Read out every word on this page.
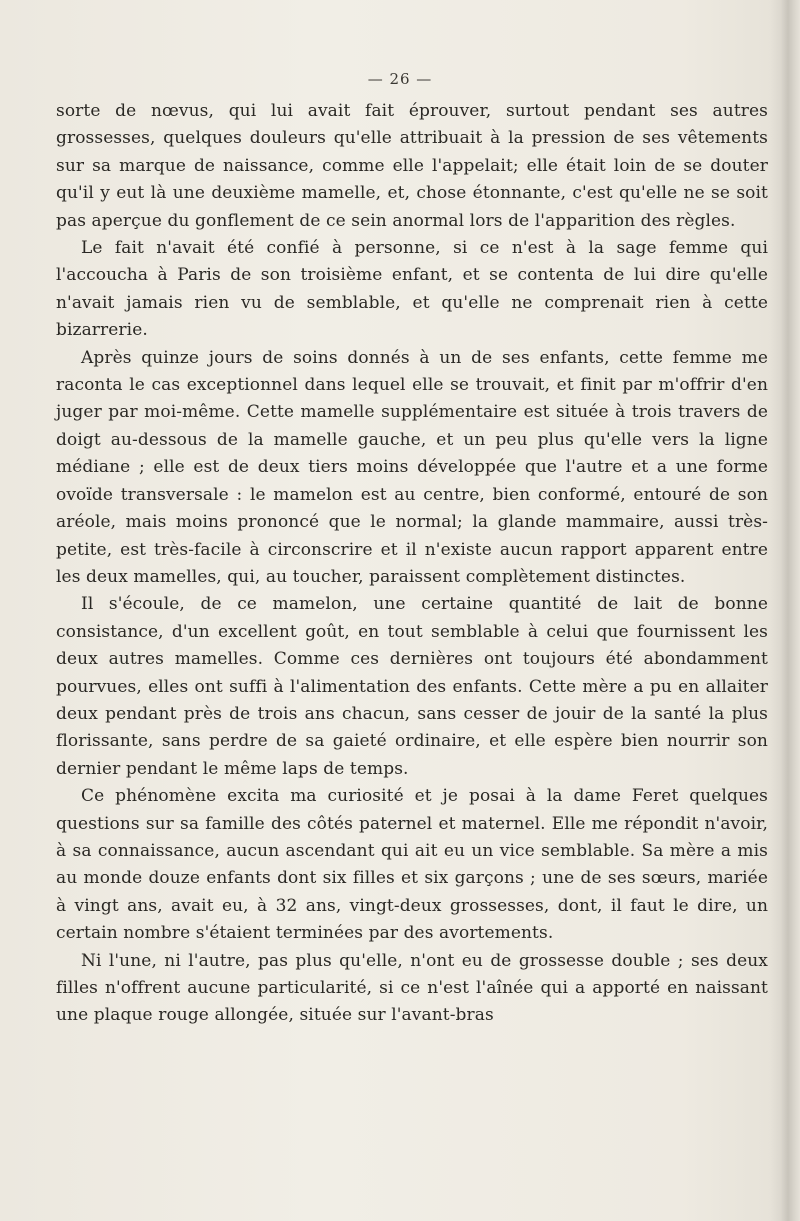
— 26 —

sorte de nœvus, qui lui avait fait éprouver, surtout pendant ses autres grossesses, quelques douleurs qu'elle attribuait à la pression de ses vêtements sur sa marque de naissance, comme elle l'appelait; elle était loin de se douter qu'il y eut là une deuxième mamelle, et, chose étonnante, c'est qu'elle ne se soit pas aperçue du gonflement de ce sein anormal lors de l'apparition des règles.

Le fait n'avait été confié à personne, si ce n'est à la sage femme qui l'accoucha à Paris de son troisième enfant, et se contenta de lui dire qu'elle n'avait jamais rien vu de semblable, et qu'elle ne comprenait rien à cette bizarrerie.

Après quinze jours de soins donnés à un de ses enfants, cette femme me raconta le cas exceptionnel dans lequel elle se trouvait, et finit par m'offrir d'en juger par moi-même. Cette mamelle supplémentaire est située à trois travers de doigt au-dessous de la mamelle gauche, et un peu plus qu'elle vers la ligne médiane ; elle est de deux tiers moins développée que l'autre et a une forme ovoïde transversale : le mamelon est au centre, bien conformé, entouré de son aréole, mais moins prononcé que le normal; la glande mammaire, aussi très-petite, est très-facile à circonscrire et il n'existe aucun rapport apparent entre les deux mamelles, qui, au toucher, paraissent complètement distinctes.

Il s'écoule, de ce mamelon, une certaine quantité de lait de bonne consistance, d'un excellent goût, en tout semblable à celui que fournissent les deux autres mamelles. Comme ces dernières ont toujours été abondamment pourvues, elles ont suffi à l'alimentation des enfants. Cette mère a pu en allaiter deux pendant près de trois ans chacun, sans cesser de jouir de la santé la plus florissante, sans perdre de sa gaieté ordinaire, et elle espère bien nourrir son dernier pendant le même laps de temps.

Ce phénomène excita ma curiosité et je posai à la dame Feret quelques questions sur sa famille des côtés paternel et maternel. Elle me répondit n'avoir, à sa connaissance, aucun ascendant qui ait eu un vice semblable. Sa mère a mis au monde douze enfants dont six filles et six garçons ; une de ses sœurs, mariée à vingt ans, avait eu, à 32 ans, vingt-deux grossesses, dont, il faut le dire, un certain nombre s'étaient terminées par des avortements.

Ni l'une, ni l'autre, pas plus qu'elle, n'ont eu de grossesse double ; ses deux filles n'offrent aucune particularité, si ce n'est l'aînée qui a apporté en naissant une plaque rouge allongée, située sur l'avant-bras
